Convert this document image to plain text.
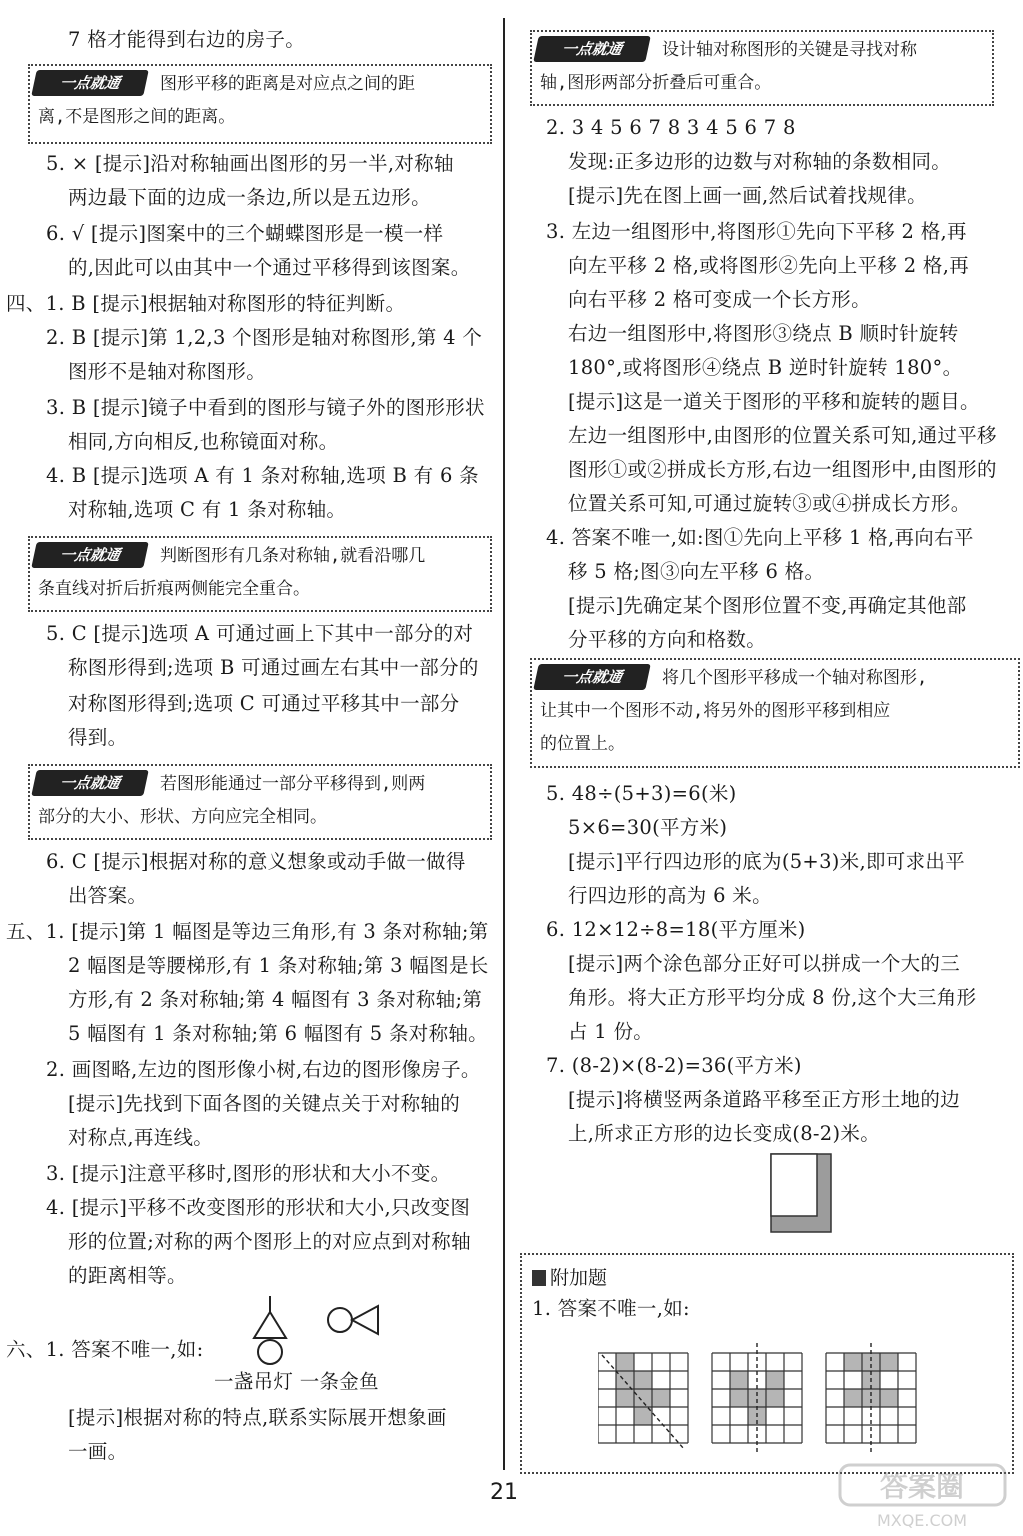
7 格才能得到右边的房子。
一点就通	图形平移的距离是对应点之间的距
离,不是图形之间的距离。
5. × [提示]沿对称轴画出图形的另一半,对称轴
两边最下面的边成一条边,所以是五边形。
6. √ [提示]图案中的三个蝴蝶图形是一模一样
的,因此可以由其中一个通过平移得到该图案。
四、1. B [提示]根据轴对称图形的特征判断。
2. B [提示]第 1,2,3 个图形是轴对称图形,第 4 个
图形不是轴对称图形。
3. B [提示]镜子中看到的图形与镜子外的图形形状
相同,方向相反,也称镜面对称。
4. B [提示]选项 A 有 1 条对称轴,选项 B 有 6 条
对称轴,选项 C 有 1 条对称轴。
一点就通	判断图形有几条对称轴,就看沿哪几
条直线对折后折痕两侧能完全重合。
5. C [提示]选项 A 可通过画上下其中一部分的对
称图形得到;选项 B 可通过画左右其中一部分的
对称图形得到;选项 C 可通过平移其中一部分
得到。
一点就通	若图形能通过一部分平移得到,则两
部分的大小、形状、方向应完全相同。
6. C [提示]根据对称的意义想象或动手做一做得
出答案。
五、1. [提示]第 1 幅图是等边三角形,有 3 条对称轴;第
2 幅图是等腰梯形,有 1 条对称轴;第 3 幅图是长
方形,有 2 条对称轴;第 4 幅图有 3 条对称轴;第
5 幅图有 1 条对称轴;第 6 幅图有 5 条对称轴。
2. 画图略,左边的图形像小树,右边的图形像房子。
[提示]先找到下面各图的关键点关于对称轴的
对称点,再连线。
3. [提示]注意平移时,图形的形状和大小不变。
4. [提示]平移不改变图形的形状和大小,只改变图
形的位置;对称的两个图形上的对应点到对称轴
的距离相等。
六、1. 答案不唯一,如:
一盏吊灯 一条金鱼
[提示]根据对称的特点,联系实际展开想象画
一画。
一点就通	设计轴对称图形的关键是寻找对称
轴,图形两部分折叠后可重合。
2. 3 4 5 6 7 8 3 4 5 6 7 8
发现:正多边形的边数与对称轴的条数相同。
[提示]先在图上画一画,然后试着找规律。
3. 左边一组图形中,将图形①先向下平移 2 格,再
向左平移 2 格,或将图形②先向上平移 2 格,再
向右平移 2 格可变成一个长方形。
右边一组图形中,将图形③绕点 B 顺时针旋转
180°,或将图形④绕点 B 逆时针旋转 180°。
[提示]这是一道关于图形的平移和旋转的题目。
左边一组图形中,由图形的位置关系可知,通过平移
图形①或②拼成长方形,右边一组图形中,由图形的
位置关系可知,可通过旋转③或④拼成长方形。
4. 答案不唯一,如:图①先向上平移 1 格,再向右平
移 5 格;图③向左平移 6 格。
[提示]先确定某个图形位置不变,再确定其他部
分平移的方向和格数。
一点就通	将几个图形平移成一个轴对称图形,
让其中一个图形不动,将另外的图形平移到相应
的位置上。
5. 48÷(5+3)=6(米)
5×6=30(平方米)
[提示]平行四边形的底为(5+3)米,即可求出平
行四边形的高为 6 米。
6. 12×12÷8=18(平方厘米)
[提示]两个涂色部分正好可以拼成一个大的三
角形。将大正方形平均分成 8 份,这个大三角形
占 1 份。
7. (8-2)×(8-2)=36(平方米)
[提示]将横竖两条道路平移至正方形土地的边
上,所求正方形的边长变成(8-2)米。
附加题
1. 答案不唯一,如:
21	答案圈
MXQE.COM
